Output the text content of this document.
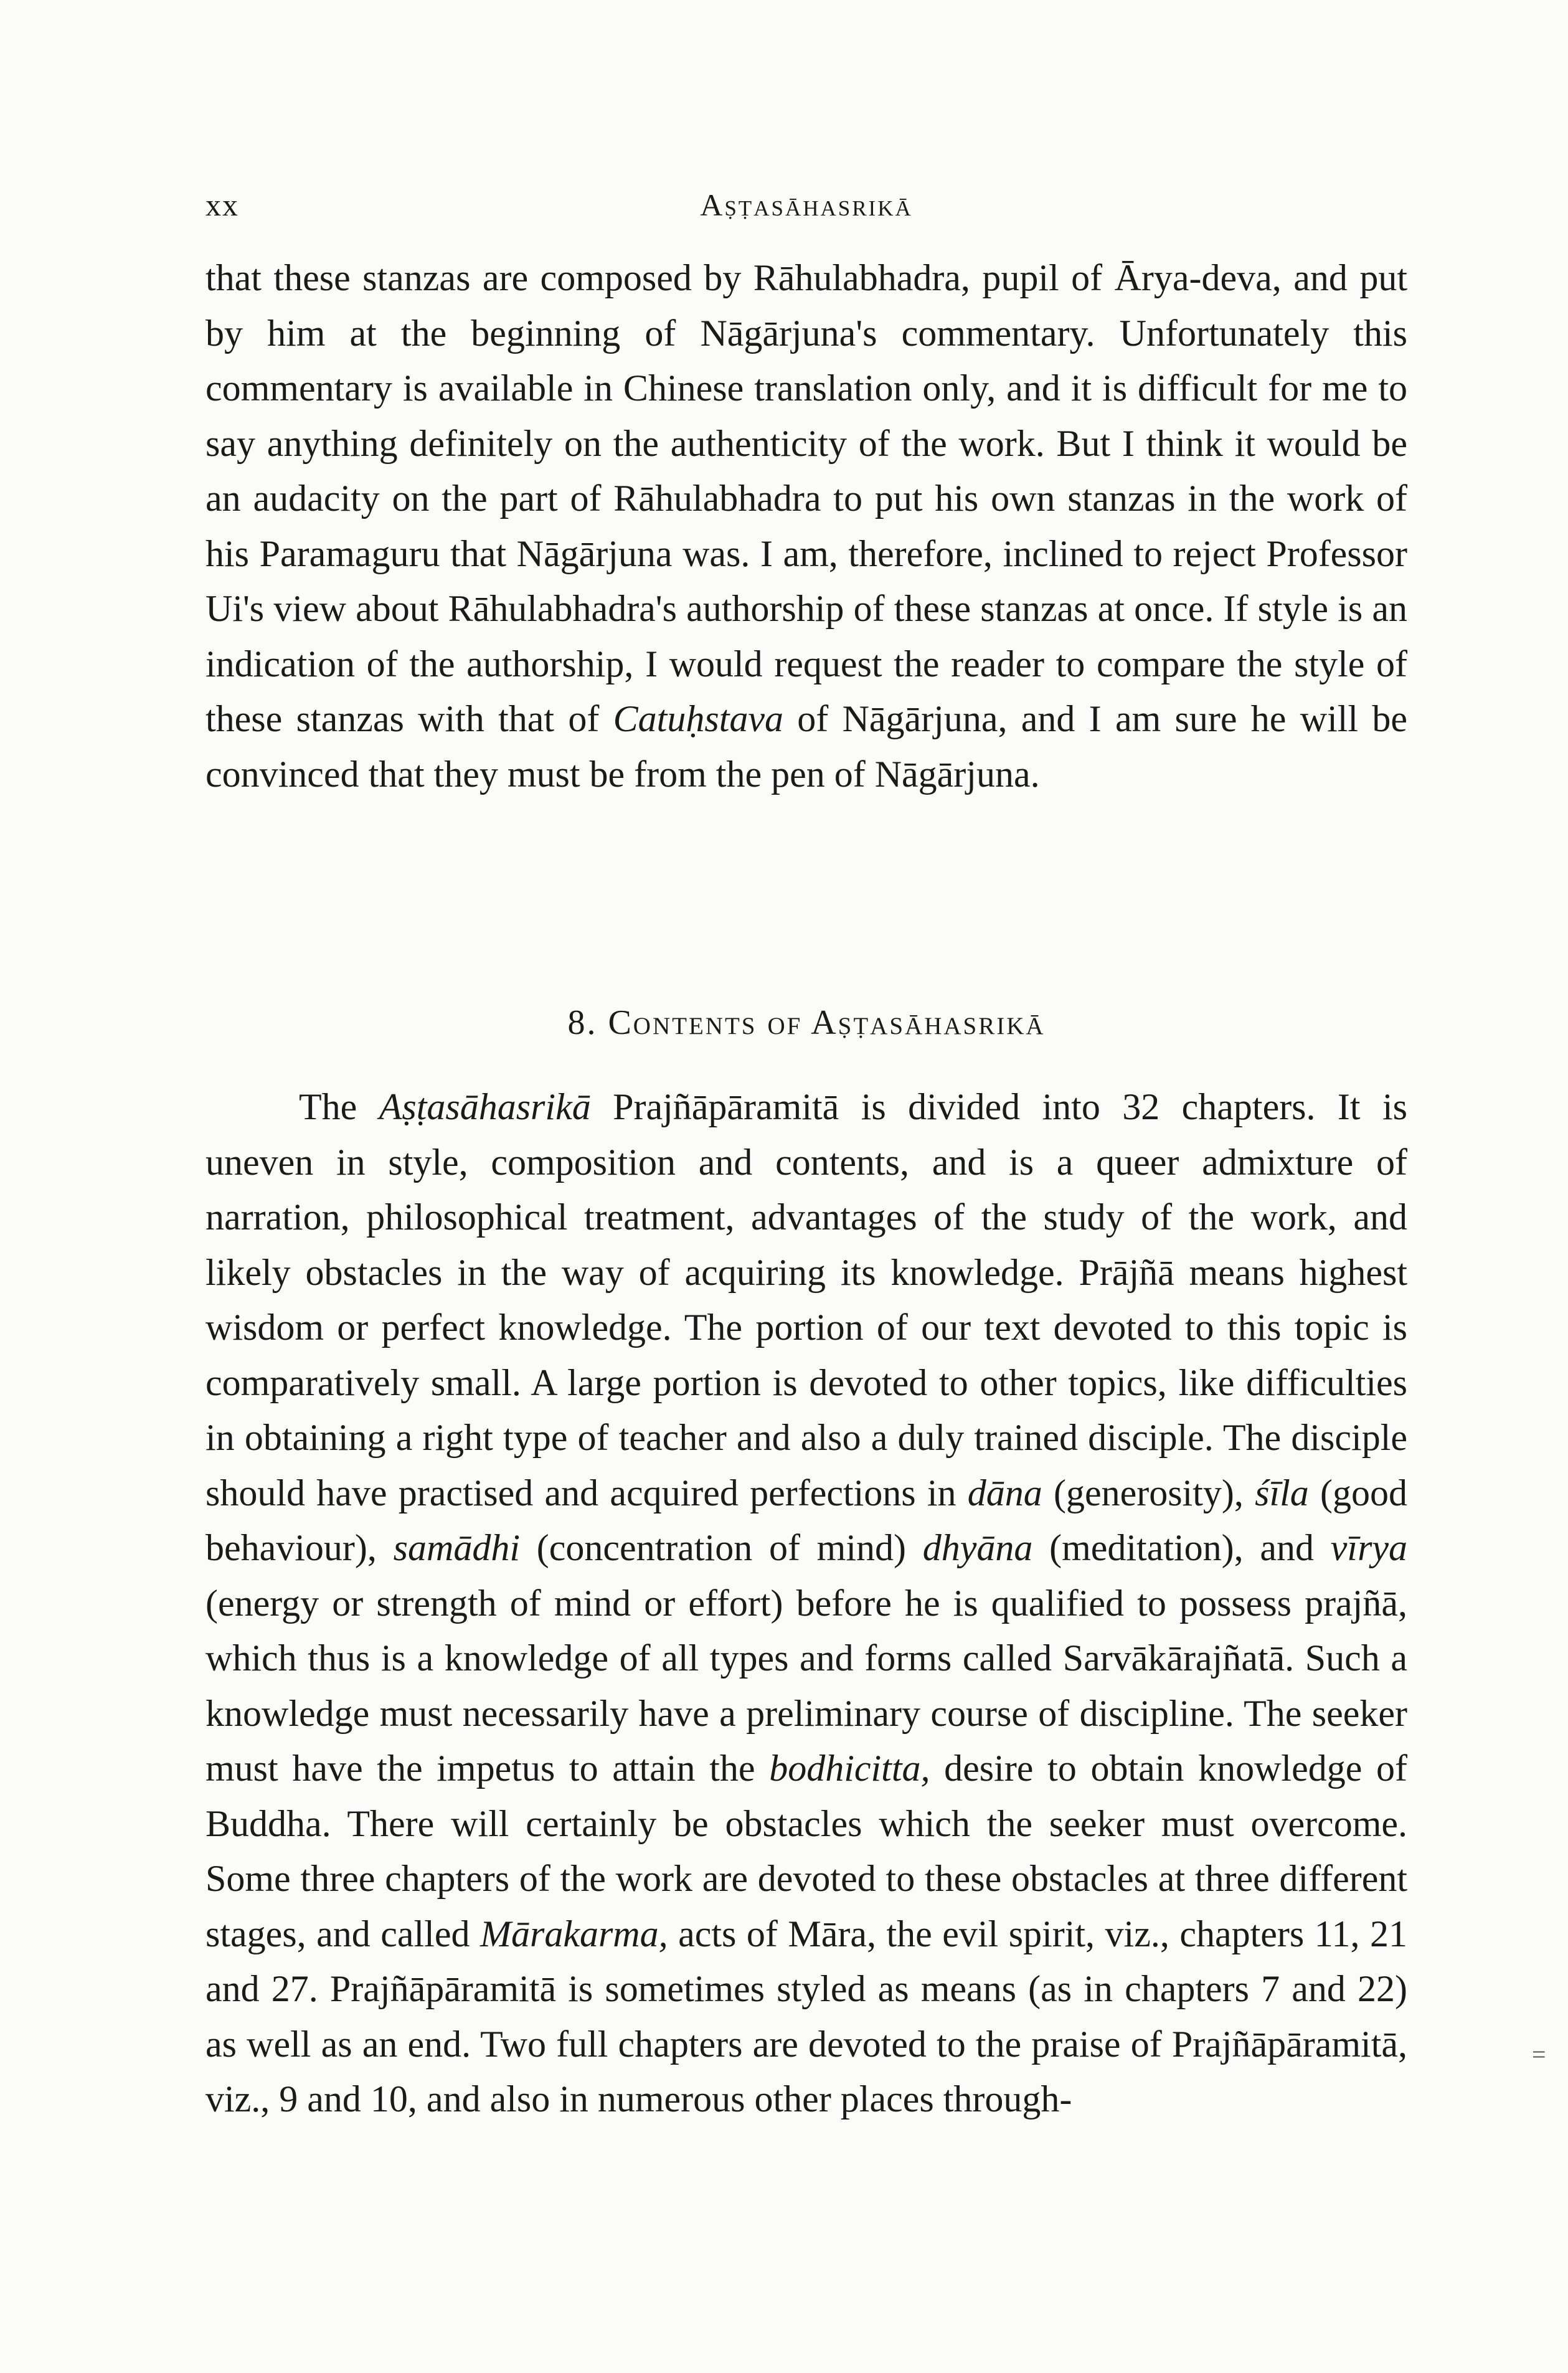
xx	Aṣṭasāhasrikā

that these stanzas are composed by Rāhulabhadra, pupil of Ārya-deva, and put by him at the beginning of Nāgārjuna's commentary. Unfortunately this commentary is available in Chinese translation only, and it is difficult for me to say anything definitely on the authenticity of the work. But I think it would be an audacity on the part of Rāhulabhadra to put his own stanzas in the work of his Paramaguru that Nāgārjuna was. I am, therefore, inclined to reject Professor Ui's view about Rāhulabhadra's authorship of these stanzas at once. If style is an indication of the authorship, I would request the reader to compare the style of these stanzas with that of Catuḥstava of Nāgārjuna, and I am sure he will be convinced that they must be from the pen of Nāgārjuna.

8. Contents of Aṣṭasāhasrikā

The Aṣṭasāhasrikā Prajñāpāramitā is divided into 32 chapters. It is uneven in style, composition and contents, and is a queer admixture of narration, philosophical treatment, advantages of the study of the work, and likely obstacles in the way of acquiring its knowledge. Prājñā means highest wisdom or perfect knowledge. The portion of our text devoted to this topic is comparatively small. A large portion is devoted to other topics, like difficulties in obtaining a right type of teacher and also a duly trained disciple. The disciple should have practised and acquired perfections in dāna (generosity), śīla (good behaviour), samādhi (concentration of mind) dhyāna (meditation), and vīrya (energy or strength of mind or effort) before he is qualified to possess prajñā, which thus is a knowledge of all types and forms called Sarvākārajñatā. Such a knowledge must necessarily have a preliminary course of discipline. The seeker must have the impetus to attain the bodhicitta, desire to obtain knowledge of Buddha. There will certainly be obstacles which the seeker must overcome. Some three chapters of the work are devoted to these obstacles at three different stages, and called Mārakarma, acts of Māra, the evil spirit, viz., chapters 11, 21 and 27. Prajñāpāramitā is sometimes styled as means (as in chapters 7 and 22) as well as an end. Two full chapters are devoted to the praise of Prajñāpāramitā, viz., 9 and 10, and also in numerous other places through-

=
